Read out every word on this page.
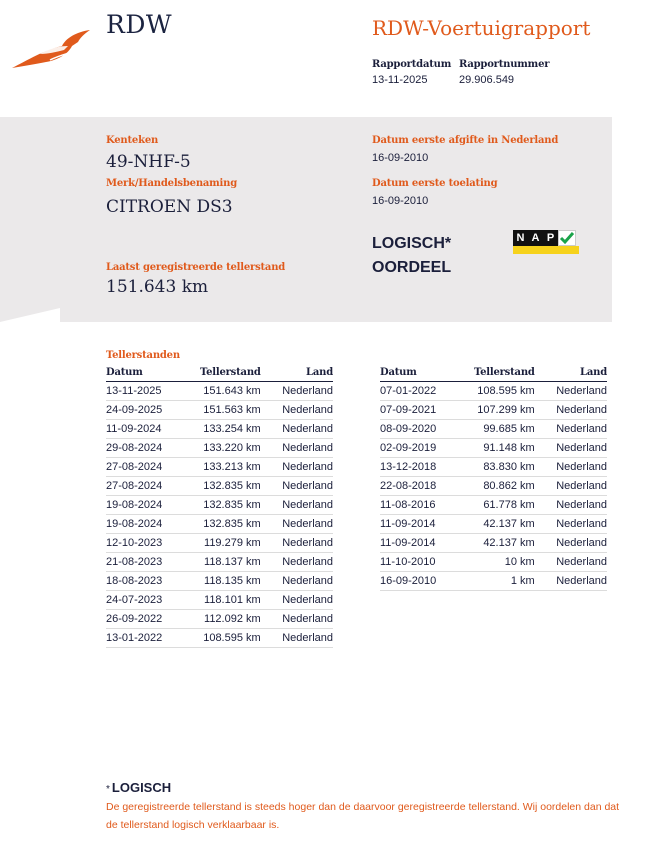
RDW	RDW-Voertuigrapport
Rapportdatum
13-11-2025
Rapportnummer
29.906.549
Kenteken
49-NHF-5
Merk/Handelsbenaming
CITROEN DS3
Laatst geregistreerde tellerstand
151.643 km
Datum eerste afgifte in Nederland
16-09-2010
Datum eerste toelating
16-09-2010
LOGISCH*
OORDEEL
N A P
Tellerstanden
Datum	Tellerstand	Land
13-11-2025	151.643 km	Nederland
24-09-2025	151.563 km	Nederland
11-09-2024	133.254 km	Nederland
29-08-2024	133.220 km	Nederland
27-08-2024	133.213 km	Nederland
27-08-2024	132.835 km	Nederland
19-08-2024	132.835 km	Nederland
19-08-2024	132.835 km	Nederland
12-10-2023	119.279 km	Nederland
21-08-2023	118.137 km	Nederland
18-08-2023	118.135 km	Nederland
24-07-2023	118.101 km	Nederland
26-09-2022	112.092 km	Nederland
13-01-2022	108.595 km	Nederland
Datum	Tellerstand	Land
07-01-2022	108.595 km	Nederland
07-09-2021	107.299 km	Nederland
08-09-2020	99.685 km	Nederland
02-09-2019	91.148 km	Nederland
13-12-2018	83.830 km	Nederland
22-08-2018	80.862 km	Nederland
11-08-2016	61.778 km	Nederland
11-09-2014	42.137 km	Nederland
11-09-2014	42.137 km	Nederland
11-10-2010	10 km	Nederland
16-09-2010	1 km	Nederland
* LOGISCH
De geregistreerde tellerstand is steeds hoger dan de daarvoor geregistreerde tellerstand. Wij oordelen dan dat de tellerstand logisch verklaarbaar is.
